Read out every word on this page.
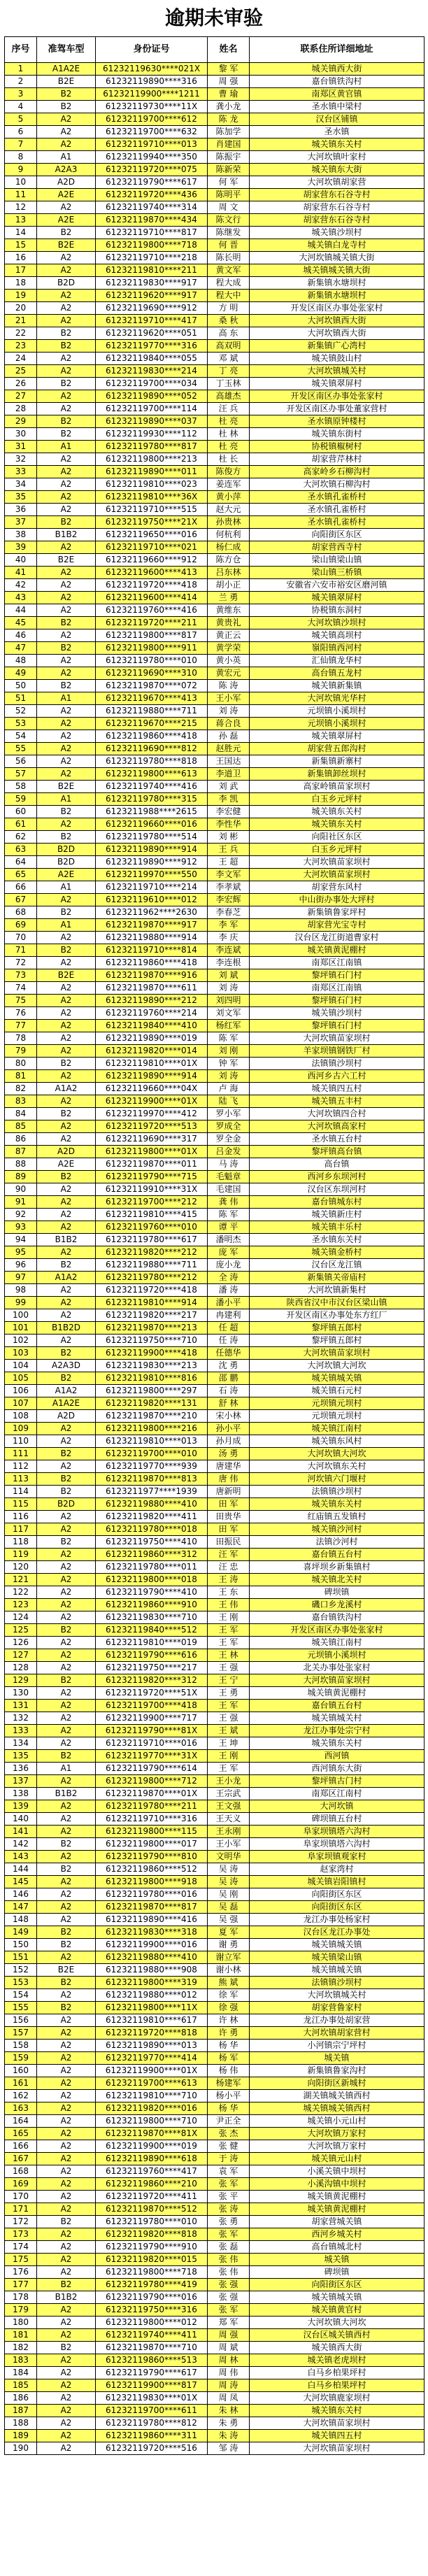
逾期未审验
序号	准驾车型	身份证号	姓名	联系住所详细地址
1	A1A2E	61232119630****021X	黎 军	城关镇西大街
2	B2E	61232119890****316	周 强	嘉台镇铁沟村
3	B2	61232119900****1211	曹 瑜	南郑区黄官镇
4	B2	61232119730****11X	龚小龙	圣水镇中梁村
5	A2	61232119700****612	陈 龙	汉台区铺镇
6	A2	61232119700****632	陈加学	圣水镇
7	A2	61232119710****013	肖建国	城关镇东关村
8	A1	61232119940****350	陈振宇	大河坎镇叶家村
9	A2A3	61232119720****075	陈新荣	城关镇东大街
10	A2D	61232119790****617	何 军	大河坎镇胡家营
11	A2E	61232119720****436	陈明平	胡家营东石谷寺村
12	A2	61232119740****314	周 文	胡家营东石谷寺村
13	A2E	61232119870****434	陈文行	胡家营东石谷寺村
14	B2	61232119710****817	陈继发	城关镇沙坝村
15	B2E	61232119800****718	何 晋	城关镇白龙寺村
16	A2	61232119710****218	陈长明	大河坎镇城关镇大街
17	A2	61232119810****211	黄文军	城关镇城关镇大街
18	B2D	61232119830****917	程大成	新集镇水塘坝村
19	A2	61232119620****917	程大中	新集镇水塘坝村
20	A2	61232119690****912	方 明	开发区南区办事处张家村
21	A2	61232119710****417	桑 秋	大河坎镇西大街
22	B2	61232119620****051	高 东	大河坎镇西大街
23	B2	61232119770****316	高双明	新集镇广心湾村
24	A2	61232119840****055	邓 斌	城关镇鼓山村
25	A2	61232119830****214	丁 亮	大河坎镇城关村
26	B2	61232119700****034	丁玉林	城关镇翠屏村
27	A2	61232119890****052	高雄杰	开发区南区办事处张家村
28	A2	61232119700****114	汪 兵	开发区南区办事处董家营村
29	B2	61232119890****037	杜 亮	圣水镇原钟楼村
30	B2	61232119930****112	杜 林	城关镇东街村
31	A1	61232119780****817	杜 亮	协税镇椒树村
32	A2	61232119800****213	杜 长	胡家营芹林村
33	A2	61232119890****011	陈俊方	高家岭乡石柳沟村
34	A2	61232119810****023	姜连军	大河坎镇石柳沟村
35	A2	61232119810****36X	黄小萍	圣水镇孔雀桥村
36	A2	61232119710****515	赵大元	圣水镇孔雀桥村
37	B2	61232119750****21X	孙贵林	圣水镇孔雀桥村
38	B1B2	61232119650****016	何杭利	向阳街区东区
39	A2	61232119710****021	杨仁成	胡家营西寺村
40	B2E	61232119660****912	陈方仓	梁山镇梁山镇
41	A2	61232119600****413	吕东林	梁山镇三桥镇
42	A2	61232119720****418	胡小正	安徽省六安市裕安区磨河镇
43	A2	61232119600****414	兰 勇	城关镇翠屏村
44	A2	61232119760****416	黄维东	协税镇东洞村
45	B2	61232119720****211	黄贵礼	大河坎镇沙坝村
46	A2	61232119800****817	黄正云	城关镇高坝村
47	B2	61232119800****911	黄学荣	嶺阳镇西河村
48	A2	61232119780****010	黄小英	汇仙镇龙华村
49	A2	61232119690****310	黄宏元	高台镇五龙村
50	B2	61232119870****072	陈 涛	城关镇新集镇
51	A1	61232119670****413	王小军	大河坎镇光华村
52	A2	61232119880****711	刘 涛	元坝镇小溪坝村
53	A2	61232119670****215	蒋合良	元坝镇小溪坝村
54	A2	61232119860****418	孙 磊	城关镇翠屏村
55	A2	61232119690****812	赵胜元	胡家营五郎沟村
56	A2	61232119780****818	王国达	新集镇新寨村
57	A2	61232119800****613	李道卫	新集镇卸丝坝村
58	B2E	61232119740****416	刘 武	高家岭镇苗家坝村
59	A1	61232119780****315	李 凯	白玉乡元坪村
60	B2	6123211988****2615	李宏健	城关镇东关村
61	A2	61232119660****016	李性华	城关镇东关村
62	B2	61232119780****514	刘 彬	向阳社区东区
63	B2D	61232119890****914	王 兵	白玉乡元坪村
64	B2D	61232119890****912	王 超	大河坎镇苗家坝村
65	A2E	61232119970****550	李文军	大河坎镇苗家坝村
66	A1	61232119710****214	李孝斌	胡家营东风村
67	A2	61232119610****012	李宏辉	中山街办事处大坪村
68	B2	6123211962****2630	李春芝	新集镇鲁家坪村
69	A1	61232119870****917	李 军	胡家营光宝寺村
70	A2	61232119880****914	李 庆	汉台区龙江街道曹家村
71	B2	61232119710****814	李连斌	城关镇黄泥棚村
72	A2	61232119860****418	李连根	南郑区江南镇
73	B2E	61232119870****916	刘 斌	黎坪镇石门村
74	A2	61232119870****611	刘 涛	南郑区江南镇
75	A2	61232119890****212	刘四明	黎坪镇石门村
76	A2	61232119760****214	刘文军	城关镇沙坝村
77	A2	61232119840****410	杨红军	黎坪镇石门村
78	A2	61232119890****019	陈 军	大河坎镇苗家坝村
79	A2	61232119820****014	刘 刚	羊家坝镇钢铁厂村
80	B2	61232119810****01X	钟 军	法镇镇沙坝村
81	A2	61232119890****914	刘 涛	西河乡古六工村
82	A1A2	61232119660****04X	卢 海	城关镇四五村
83	A2	61232119900****01X	陆 飞	城关镇五丰村
84	B2	61232119970****412	罗小军	大河坎镇四合村
85	A2	61232119720****513	罗成全	大河坎镇高家村
86	A2	61232119690****317	罗全金	圣水镇五台村
87	A2D	61232119800****01X	吕金发	黎坪镇高台镇
88	A2E	61232119870****011	马 涛	高台镇
89	B2	61232119790****715	毛魁章	西河乡东坝河村
90	A2	61232119910****31X	毛建国	汉台区东坝河村
91	A2	61232119700****212	龚 伟	嘉台镇城东村
92	A2	61232119810****415	陈 军	城关镇新庄村
93	A2	61232119760****010	谭 平	城关镇丰乐村
94	B1B2	61232119780****617	潘明杰	圣水镇东关村
95	A2	61232119820****212	庞 军	城关镇金桥村
96	B2	61232119880****711	庞小龙	汉台区龙江镇
97	A1A2	61232119780****212	全 涛	新集镇关帝庙村
98	A2	61232119720****418	潘 涛	大河坎镇新集村
99	A2	61232119810****914	潘小平	陕西省汉中市汉台区梁山镇
100	A2	61232119820****217	冉建利	开发区南区办事处东方红厂
101	B1B2D	61232119870****213	任 超	黎坪镇五郎村
102	A2	61232119750****710	任 涛	黎坪镇五郎村
103	B2	61232119900****418	任德华	大河坎镇苗家坝村
104	A2A3D	61232119830****213	沈 勇	大河坎镇大河坎
105	B2	61232119810****816	邵 鹏	城关镇城关镇
106	A1A2	61232119800****297	石 涛	城关镇石元村
107	A1A2E	61232119820****131	舒 林	元坝镇元坝村
108	A2D	61232119870****210	宋小林	元坝镇元坝村
109	A2	61232119800****216	孙小平	城关镇江南村
110	A2	61232119810****013	孙月成	城关镇东风村
111	B2	61232119700****010	汤 勇	大河坎镇大河坎
112	A2	61232119770****939	唐建华	大河坎镇东关村
113	B2	61232119870****813	唐 伟	河坎镇六门堰村
114	B2	6123211977****1939	唐新明	法镇镇沙坝村
115	B2D	61232119880****410	田 军	城关镇东关村
116	A2	61232119820****411	田贵华	红庙镇五发镇村
117	A2	61232119780****018	田 军	城关镇沙河村
118	B2	61232119750****410	田振民	法镇沙河村
119	A2	61232119860****312	汪 军	嘉台镇五台村
120	A2	61232119780****011	汪 忠	喜坪坝乡新集镇村
121	A2	61232119800****018	王 涛	城关镇北关村
122	A2	61232119790****410	王 东	碑坝镇
123	A2	61232119860****910	王 伟	磯口乡龙溪村
124	A2	61232119830****710	王 刚	嘉台镇铁沟村
125	B2	61232119840****512	王 军	开发区南区办事处张家村
126	A2	61232119810****019	王 军	城关镇江南村
127	A2	61232119790****616	王 林	元坝镇小溪坝村
128	A2	61232119750****217	王 强	北关办事处张家村
129	B2	61232119820****312	王 宁	大河坎镇苗家坝村
130	A2	61232119720****51X	王 勇	城关镇黄泥棚村
131	A2	61232119700****418	王 军	嘉台镇五台村
132	A2	61232119900****717	王 强	城关镇城关村
133	A2	61232119790****81X	王 斌	龙江办事处宗宁村
134	A2	61232119710****016	王 坤	城关镇东关村
135	B2	61232119770****31X	王 刚	西河镇
136	A1	61232119790****614	王 军	西河镇东大街
137	A2	61232119800****712	王小龙	黎坪镇古门村
138	B1B2	61232119870****01X	王宗武	南郑区江南村
139	A2	61232119780****211	王文强	大河坎镇
140	A2	61232119710****316	王天义	碑坝镇五台村
141	A2	61232119800****115	王永刚	阜家坝镇塔六沟村
142	B2	61232119800****017	王小军	阜家坝镇塔六沟村
143	A2	61232119790****810	文明华	阜家坝镇观家村
144	B2	61232119860****512	吴 涛	赵家湾村
145	A2	61232119800****918	吴 涛	城关镇岩阳镇村
146	A2	61232119780****016	吴 刚	向阳街区东区
147	A2	61232119870****817	吴 磊	向阳街区东区
148	A2	61232119890****416	吴 强	龙江办事处杨家村
149	B2	61232119830****318	夏 军	汉台区龙江办事处
150	B2	61232119900****016	谢 勇	城关镇城关镇
151	A2	61232119880****410	谢立军	城关镇梁山镇
152	B2E	61232119880****908	谢小林	城关镇城关镇
153	B2	61232119800****319	熊 斌	法镇镇沙坝村
154	A2	61232119880****012	徐 军	大河坎镇城关村
155	B2	61232119800****11X	徐 强	胡家营鲁家村
156	A2	61232119810****617	许 林	龙江办事处胡家营
157	A2	61232119720****818	许 勇	大河坎镇胡家营村
158	A2	61232119890****013	杨 华	小河镇宗宁坪村
159	A2	61232119770****414	杨 军	城关镇
160	A2	61232119900****01X	杨 伟	新集镇鲁家沟村
161	A2	61232119700****613	杨建军	向阳街区新城村
162	A2	61232119810****710	杨小平	湖关镇城关镇西村
163	A2	61232119820****016	杨 华	城关镇城关镇西村
164	A2	61232119800****710	尹正全	城关镇小元山村
165	A2	61232119870****81X	张 杰	大河坎镇万家村
166	A2	61232119900****019	张 健	大河坎镇万家村
167	A2	61232119890****618	于 涛	城关镇元山村
168	A2	61232119760****417	袁 军	小溪关镇中坝村
169	A2	61232119860****210	张 军	小溪沟镇中坝村
170	A2	61232119720****411	张 平	城关镇黄泥棚村
171	A2	61232119870****512	张 涛	城关镇黄泥棚村
172	B2	61232119780****010	张 勇	胡家营城关镇
173	A2	61232119820****818	张 军	西河乡城关村
174	A2	61232119790****910	张 磊	高台镇城北村
175	A2	61232119820****015	张 伟	城关镇
176	A2	61232119800****718	张 伟	碑坝镇
177	B2	61232119780****419	张 强	向阳街区东区
178	B1B2	61232119790****016	张 强	城关镇城关镇
179	A2	61232119750****316	张 军	城关镇黄官村
180	A2	61232119800****012	郑 军	大河坎镇大河坎
181	A2	61232119740****411	周 强	汉台区城关镇西村
182	B2	61232119870****710	周 斌	城关镇西大街
183	A2	61232119860****513	周 林	城关镇老虎坝村
184	A2	61232119790****617	周 伟	白马乡柏果坪村
185	A2	61232119900****817	周 涛	白马乡柏果坪村
186	A2	61232119830****01X	周 凤	大河坎镇鹿家坝村
187	A2	61232119700****611	朱 林	城关镇东关村
188	A2	61232119780****812	朱 勇	大河坎镇苗家坝村
189	A2	61232119860****311	朱 涛	城关镇四五村
190	A2	61232119720****516	邹 涛	大河坎镇苗家坝村
